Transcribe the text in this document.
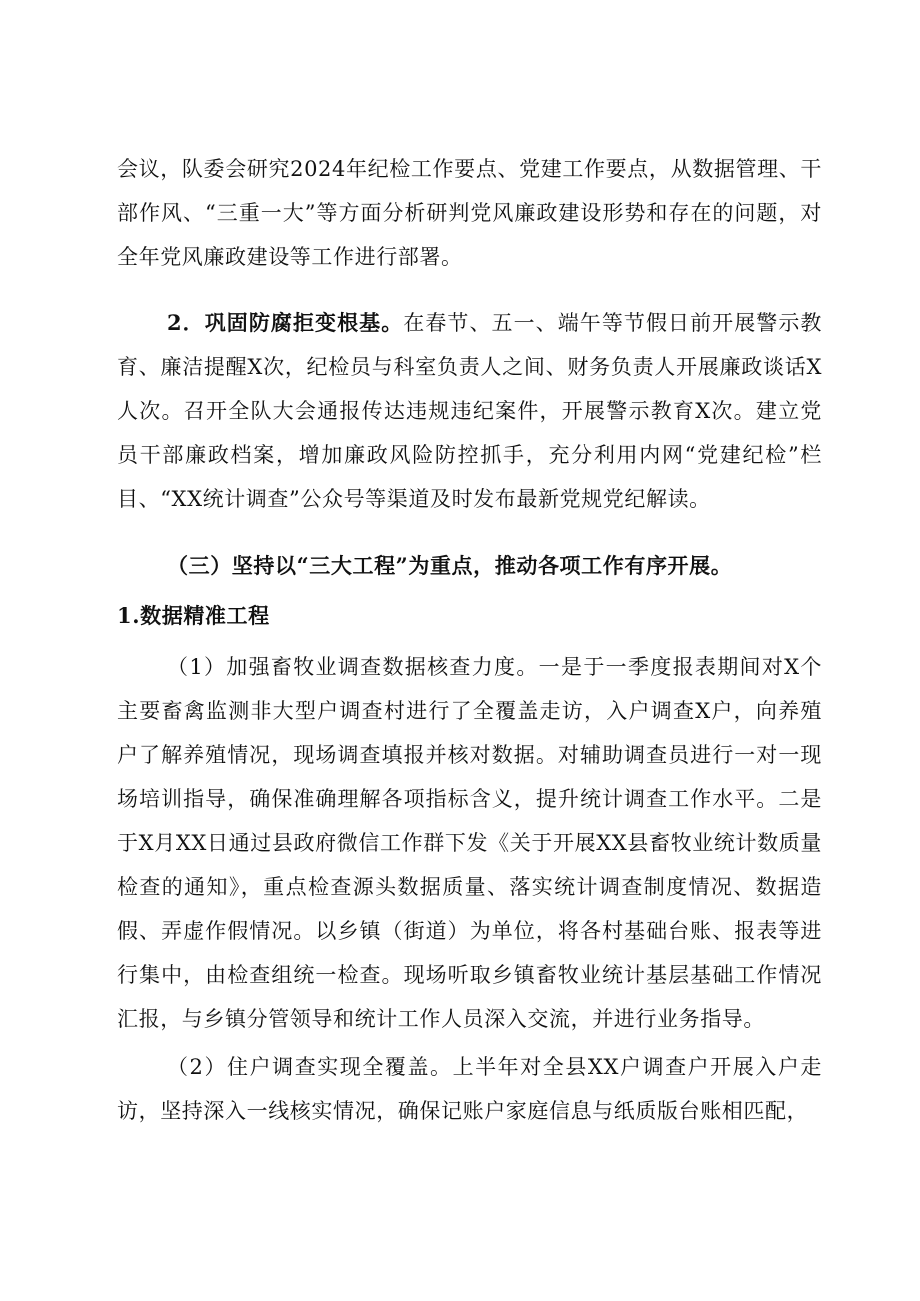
会议，队委会研究2024年纪检工作要点、党建工作要点，从数据管理、干部作风、“三重一大”等方面分析研判党风廉政建设形势和存在的问题，对全年党风廉政建设等工作进行部署。

2．巩固防腐拒变根基。在春节、五一、端午等节假日前开展警示教育、廉洁提醒X次，纪检员与科室负责人之间、财务负责人开展廉政谈话X人次。召开全队大会通报传达违规违纪案件，开展警示教育X次。建立党员干部廉政档案，增加廉政风险防控抓手，充分利用内网“党建纪检”栏目、“XX统计调查”公众号等渠道及时发布最新党规党纪解读。

（三）坚持以“三大工程”为重点，推动各项工作有序开展。

1.数据精准工程

（1）加强畜牧业调查数据核查力度。一是于一季度报表期间对X个主要畜禽监测非大型户调查村进行了全覆盖走访，入户调查X户，向养殖户了解养殖情况，现场调查填报并核对数据。对辅助调查员进行一对一现场培训指导，确保准确理解各项指标含义，提升统计调查工作水平。二是于X月XX日通过县政府微信工作群下发《关于开展XX县畜牧业统计数质量检查的通知》，重点检查源头数据质量、落实统计调查制度情况、数据造假、弄虚作假情况。以乡镇（街道）为单位，将各村基础台账、报表等进行集中，由检查组统一检查。现场听取乡镇畜牧业统计基层基础工作情况汇报，与乡镇分管领导和统计工作人员深入交流，并进行业务指导。

（2）住户调查实现全覆盖。上半年对全县XX户调查户开展入户走访，坚持深入一线核实情况，确保记账户家庭信息与纸质版台账相匹配，
